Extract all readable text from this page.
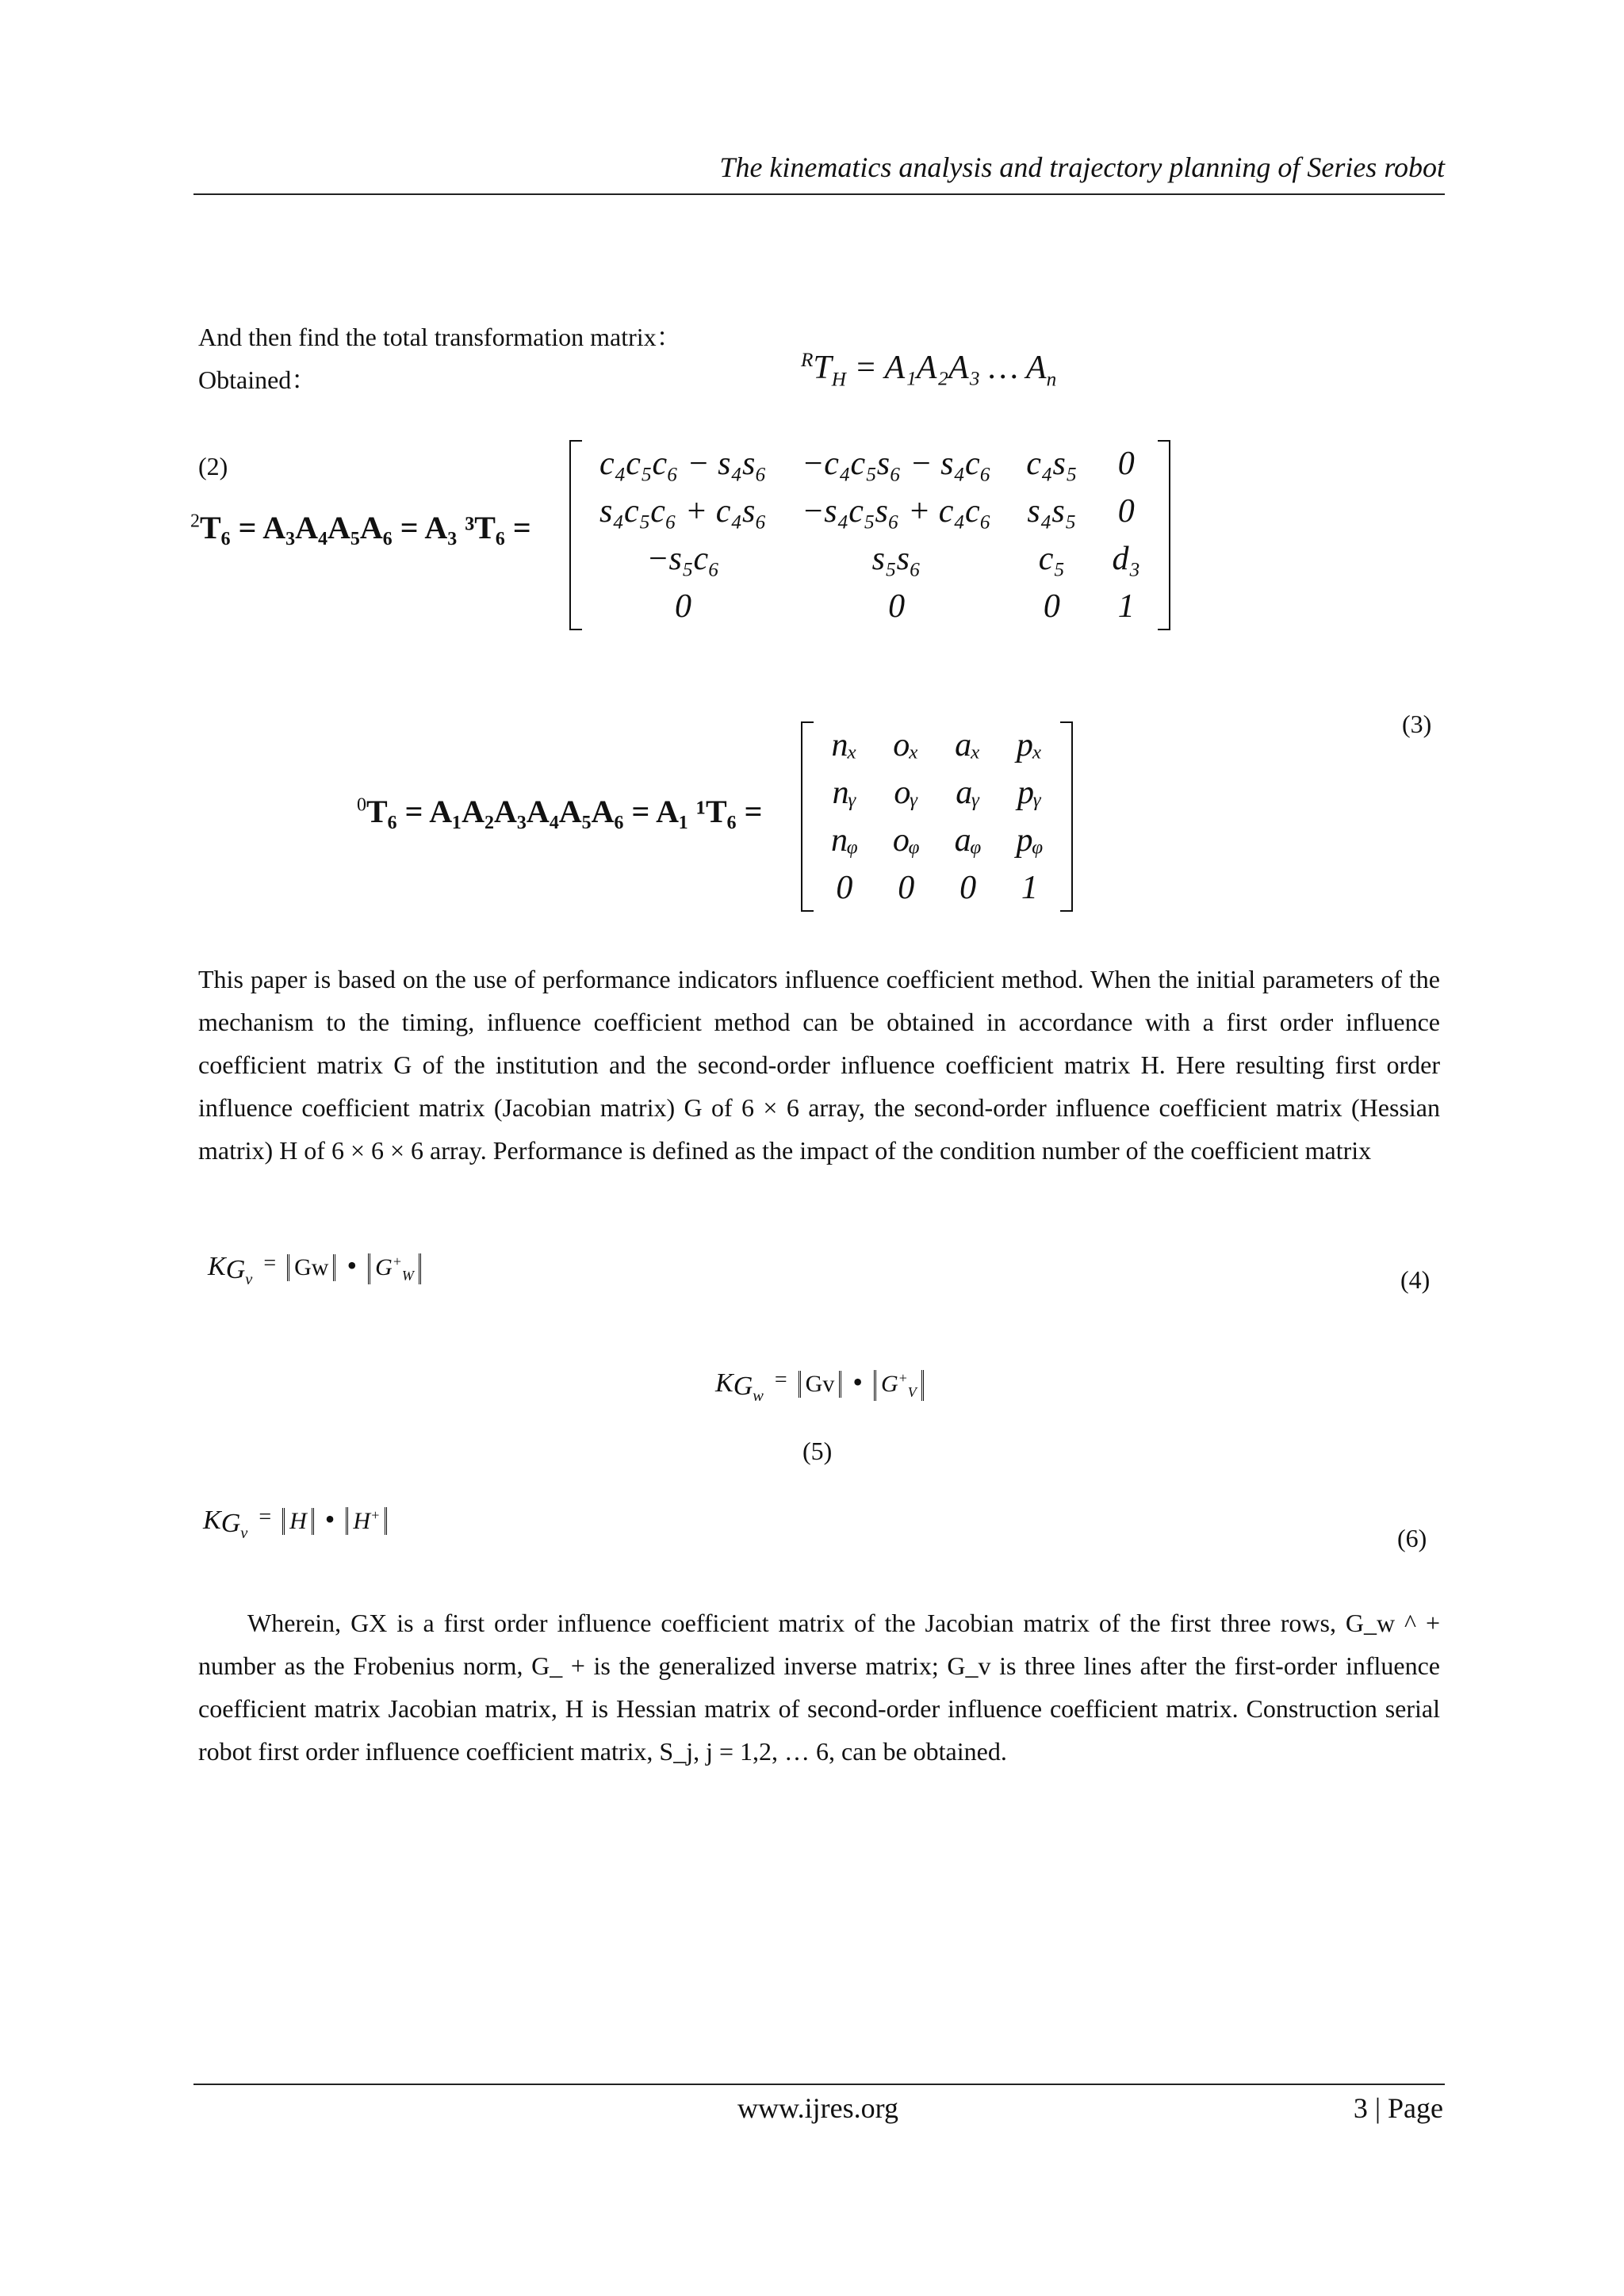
The kinematics analysis and trajectory planning of Series robot
And then find the total transformation matrix：
Obtained：
$^RT_H = A_1A_2A_3$ … $A_n$
(2)
$^2$T₆ = A₃A₄A₅A₆ = A₃ ³T₆ =
c₄c₅c₆ − s₄s₆	−c₄c₅s₆ − s₄c₆	c₄s₅	0
s₄c₅c₆ + c₄s₆	−s₄c₅s₆ + c₄c₆	s₄s₅	0
−s₅c₆	s₅s₆	c₅	d₃
0	0	0	1
(3)
$^0$T₆ = A₁A₂A₃A₄A₅A₆ = A₁ ¹T₆ =
nₓ	oₓ	aₓ	pₓ
nᵧ	oᵧ	aᵧ	pᵧ
nᵩ	oᵩ	aᵩ	pᵩ
0	0	0	1
This paper is based on the use of performance indicators influence coefficient method. When the initial parameters of the mechanism to the timing, influence coefficient method can be obtained in accordance with a first order influence coefficient matrix G of the institution and the second-order influence coefficient matrix H. Here resulting first order influence coefficient matrix (Jacobian matrix) G of 6 × 6 array, the second-order influence coefficient matrix (Hessian matrix) H of 6 × 6 × 6 array. Performance is defined as the impact of the condition number of the coefficient matrix
$K_{G_v} = Gw$ • $G^+_W$	(4)
$K_{G_w} = Gv$ • $G^+_V$
(5)
$K_{G_v} = H$ • H+
(6)
Wherein, GX is a first order influence coefficient matrix of the Jacobian matrix of the first three rows, G_w ^ + number as the Frobenius norm, G_ + is the generalized inverse matrix; G_v is three lines after the first-order influence coefficient matrix Jacobian matrix, H is Hessian matrix of second-order influence coefficient matrix. Construction serial robot first order influence coefficient matrix, S_j, j = 1,2, … 6, can be obtained.
www.ijres.org	3 | Page
